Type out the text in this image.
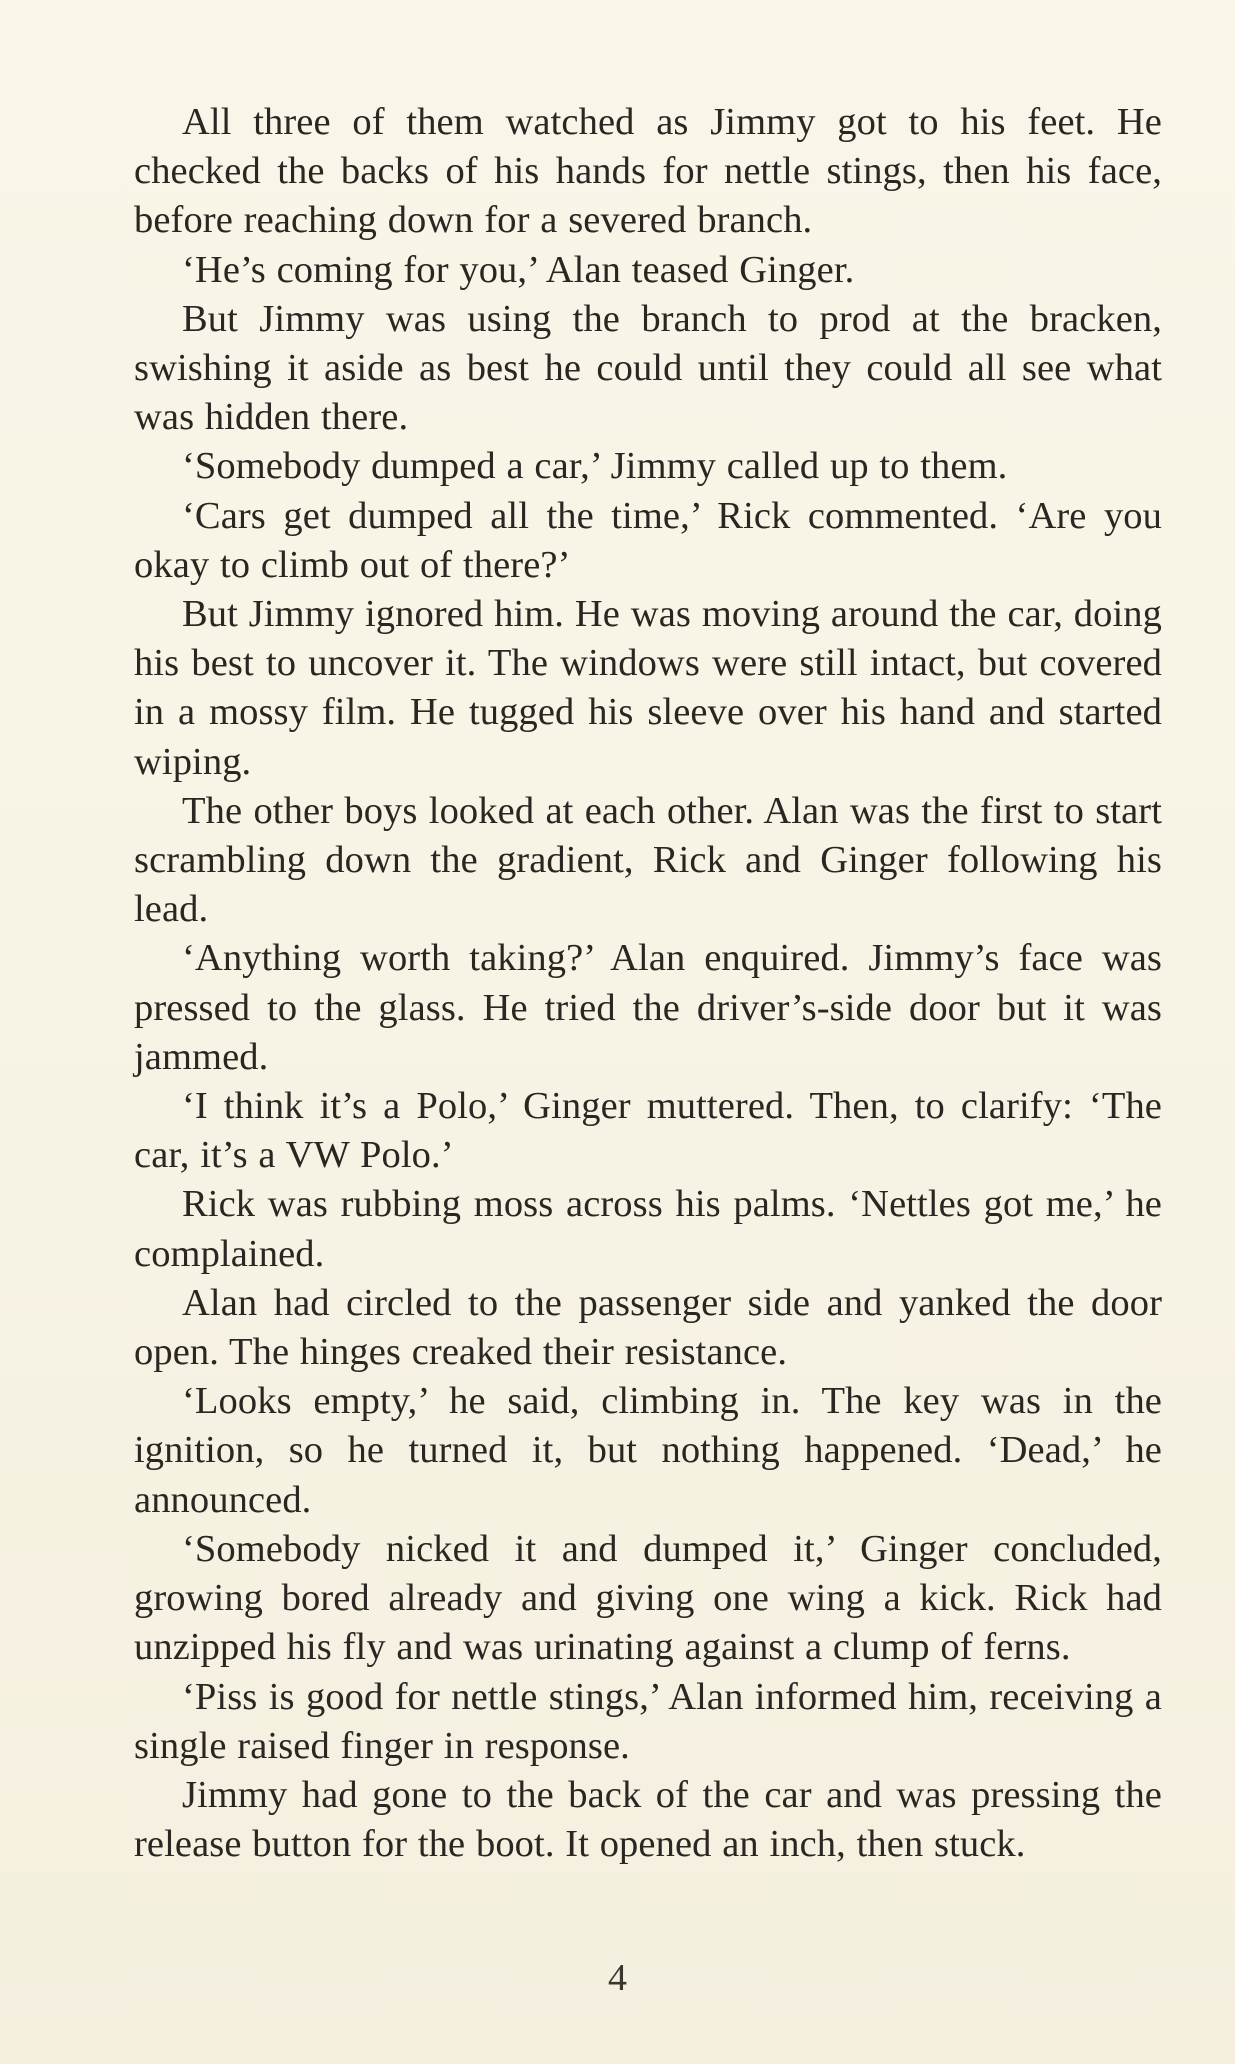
All three of them watched as Jimmy got to his feet. He checked the backs of his hands for nettle stings, then his face, before reaching down for a severed branch.

‘He’s coming for you,’ Alan teased Ginger.

But Jimmy was using the branch to prod at the bracken, swishing it aside as best he could until they could all see what was hidden there.

‘Somebody dumped a car,’ Jimmy called up to them.

‘Cars get dumped all the time,’ Rick commented. ‘Are you okay to climb out of there?’

But Jimmy ignored him. He was moving around the car, doing his best to uncover it. The windows were still intact, but covered in a mossy film. He tugged his sleeve over his hand and started wiping.

The other boys looked at each other. Alan was the first to start scrambling down the gradient, Rick and Ginger following his lead.

‘Anything worth taking?’ Alan enquired. Jimmy’s face was pressed to the glass. He tried the driver’s-side door but it was jammed.

‘I think it’s a Polo,’ Ginger muttered. Then, to clarify: ‘The car, it’s a VW Polo.’

Rick was rubbing moss across his palms. ‘Nettles got me,’ he complained.

Alan had circled to the passenger side and yanked the door open. The hinges creaked their resistance.

‘Looks empty,’ he said, climbing in. The key was in the ignition, so he turned it, but nothing happened. ‘Dead,’ he announced.

‘Somebody nicked it and dumped it,’ Ginger concluded, growing bored already and giving one wing a kick. Rick had unzipped his fly and was urinating against a clump of ferns.

‘Piss is good for nettle stings,’ Alan informed him, receiving a single raised finger in response.

Jimmy had gone to the back of the car and was pressing the release button for the boot. It opened an inch, then stuck.

4
